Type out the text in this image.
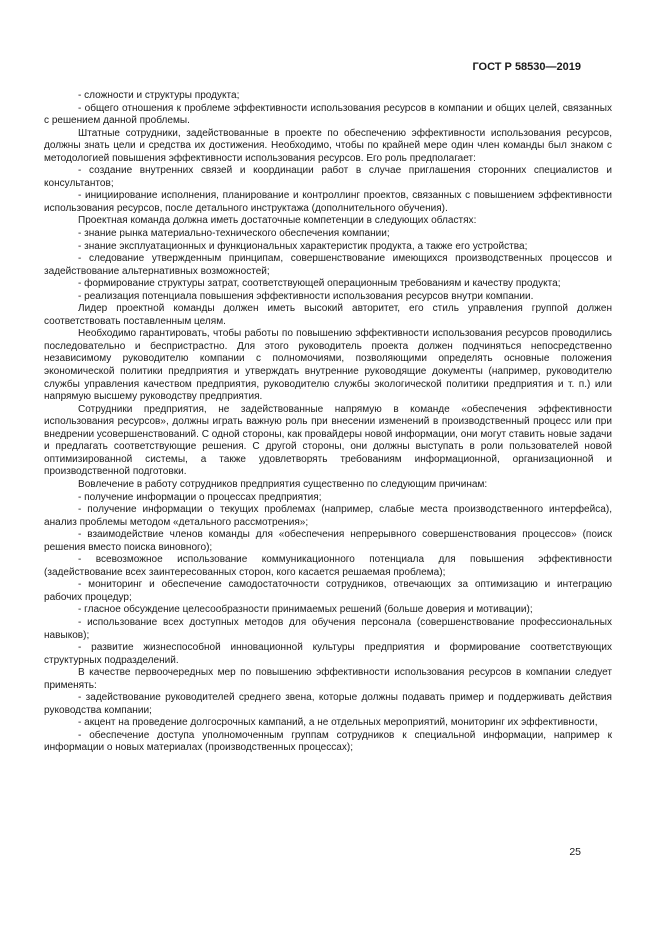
ГОСТ Р 58530—2019

- сложности и структуры продукта;

- общего отношения к проблеме эффективности использования ресурсов в компании и общих целей, связанных с решением данной проблемы.

Штатные сотрудники, задействованные в проекте по обеспечению эффективности использования ресурсов, должны знать цели и средства их достижения. Необходимо, чтобы по крайней мере один член команды был знаком с методологией повышения эффективности использования ресурсов. Его роль предполагает:

- создание внутренних связей и координации работ в случае приглашения сторонних специалистов и консультантов;

- инициирование исполнения, планирование и контроллинг проектов, связанных с повышением эффективности использования ресурсов, после детального инструктажа (дополнительного обучения).

Проектная команда должна иметь достаточные компетенции в следующих областях:

- знание рынка материально-технического обеспечения компании;

- знание эксплуатационных и функциональных характеристик продукта, а также его устройства;

- следование утвержденным принципам, совершенствование имеющихся производственных процессов и задействование альтернативных возможностей;

- формирование структуры затрат, соответствующей операционным требованиям и качеству продукта;

- реализация потенциала повышения эффективности использования ресурсов внутри компании.

Лидер проектной команды должен иметь высокий авторитет, его стиль управления группой должен соответствовать поставленным целям.

Необходимо гарантировать, чтобы работы по повышению эффективности использования ресурсов проводились последовательно и беспристрастно. Для этого руководитель проекта должен подчиняться непосредственно независимому руководителю компании с полномочиями, позволяющими определять основные положения экономической политики предприятия и утверждать внутренние руководящие документы (например, руководителю службы управления качеством предприятия, руководителю службы экологической политики предприятия и т. п.) или напрямую высшему руководству предприятия.

Сотрудники предприятия, не задействованные напрямую в команде «обеспечения эффективности использования ресурсов», должны играть важную роль при внесении изменений в производственный процесс или при внедрении усовершенствований. С одной стороны, как провайдеры новой информации, они могут ставить новые задачи и предлагать соответствующие решения. С другой стороны, они должны выступать в роли пользователей новой оптимизированной системы, а также удовлетворять требованиям информационной, организационной и производственной подготовки.

Вовлечение в работу сотрудников предприятия существенно по следующим причинам:

- получение информации о процессах предприятия;

- получение информации о текущих проблемах (например, слабые места производственного интерфейса), анализ проблемы методом «детального рассмотрения»;

- взаимодействие членов команды для «обеспечения непрерывного совершенствования процессов» (поиск решения вместо поиска виновного);

- всевозможное использование коммуникационного потенциала для повышения эффективности (задействование всех заинтересованных сторон, кого касается решаемая проблема);

- мониторинг и обеспечение самодостаточности сотрудников, отвечающих за оптимизацию и интеграцию рабочих процедур;

- гласное обсуждение целесообразности принимаемых решений (больше доверия и мотивации);

- использование всех доступных методов для обучения персонала (совершенствование профессиональных навыков);

- развитие жизнеспособной инновационной культуры предприятия и формирование соответствующих структурных подразделений.

В качестве первоочередных мер по повышению эффективности использования ресурсов в компании следует применять:

- задействование руководителей среднего звена, которые должны подавать пример и поддерживать действия руководства компании;

- акцент на проведение долгосрочных кампаний, а не отдельных мероприятий, мониторинг их эффективности,

- обеспечение доступа уполномоченным группам сотрудников к специальной информации, например к информации о новых материалах (производственных процессах);

25
